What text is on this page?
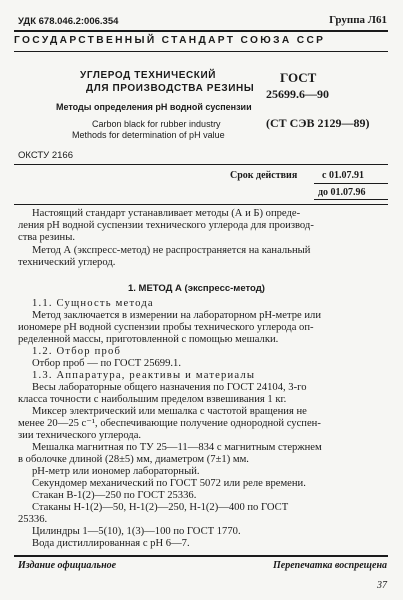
УДК 678.046.2:006.354	Группа Л61
ГОСУДАРСТВЕННЫЙ СТАНДАРТ СОЮЗА ССР
УГЛЕРОД ТЕХНИЧЕСКИЙ
ДЛЯ ПРОИЗВОДСТВА РЕЗИНЫ
Методы определения pH водной суспензии
Carbon black for rubber industry
Methods for determination of pH value
ГОСТ
25699.6—90
(СТ СЭВ 2129—89)
ОКСТУ 2166
Срок действия с 01.07.91
до 01.07.96
Настоящий стандарт устанавливает методы (А и Б) опреде-
ления рН водной суспензии технического углерода для производ-
ства резины.
Метод А (экспресс-метод) не распространяется на канальный
технический углерод.
1. МЕТОД А (экспресс-метод)
1.1. Сущность метода
Метод заключается в измерении на лабораторном рН-метре или
иономере рН водной суспензии пробы технического углерода оп-
ределенной массы, приготовленной с помощью мешалки.
1.2. Отбор проб
Отбор проб — по ГОСТ 25699.1.
1.3. Аппаратура, реактивы и материалы
Весы лабораторные общего назначения по ГОСТ 24104, 3-го
класса точности с наибольшим пределом взвешивания 1 кг.
Миксер электрический или мешалка с частотой вращения не
менее 20—25 с⁻¹, обеспечивающие получение однородной суспен-
зии технического углерода.
Мешалка магнитная по ТУ 25—11—834 с магнитным стержнем
в оболочке длиной (28±5) мм, диаметром (7±1) мм.
рН-метр или иономер лабораторный.
Секундомер механический по ГОСТ 5072 или реле времени.
Стакан В-1(2)—250 по ГОСТ 25336.
Стаканы Н-1(2)—50, Н-1(2)—250, Н-1(2)—400 по ГОСТ
25336.
Цилиндры 1—5(10), 1(3)—100 по ГОСТ 1770.
Вода дистиллированная с рН 6—7.
Издание официальное	Перепечатка воспрещена
37
